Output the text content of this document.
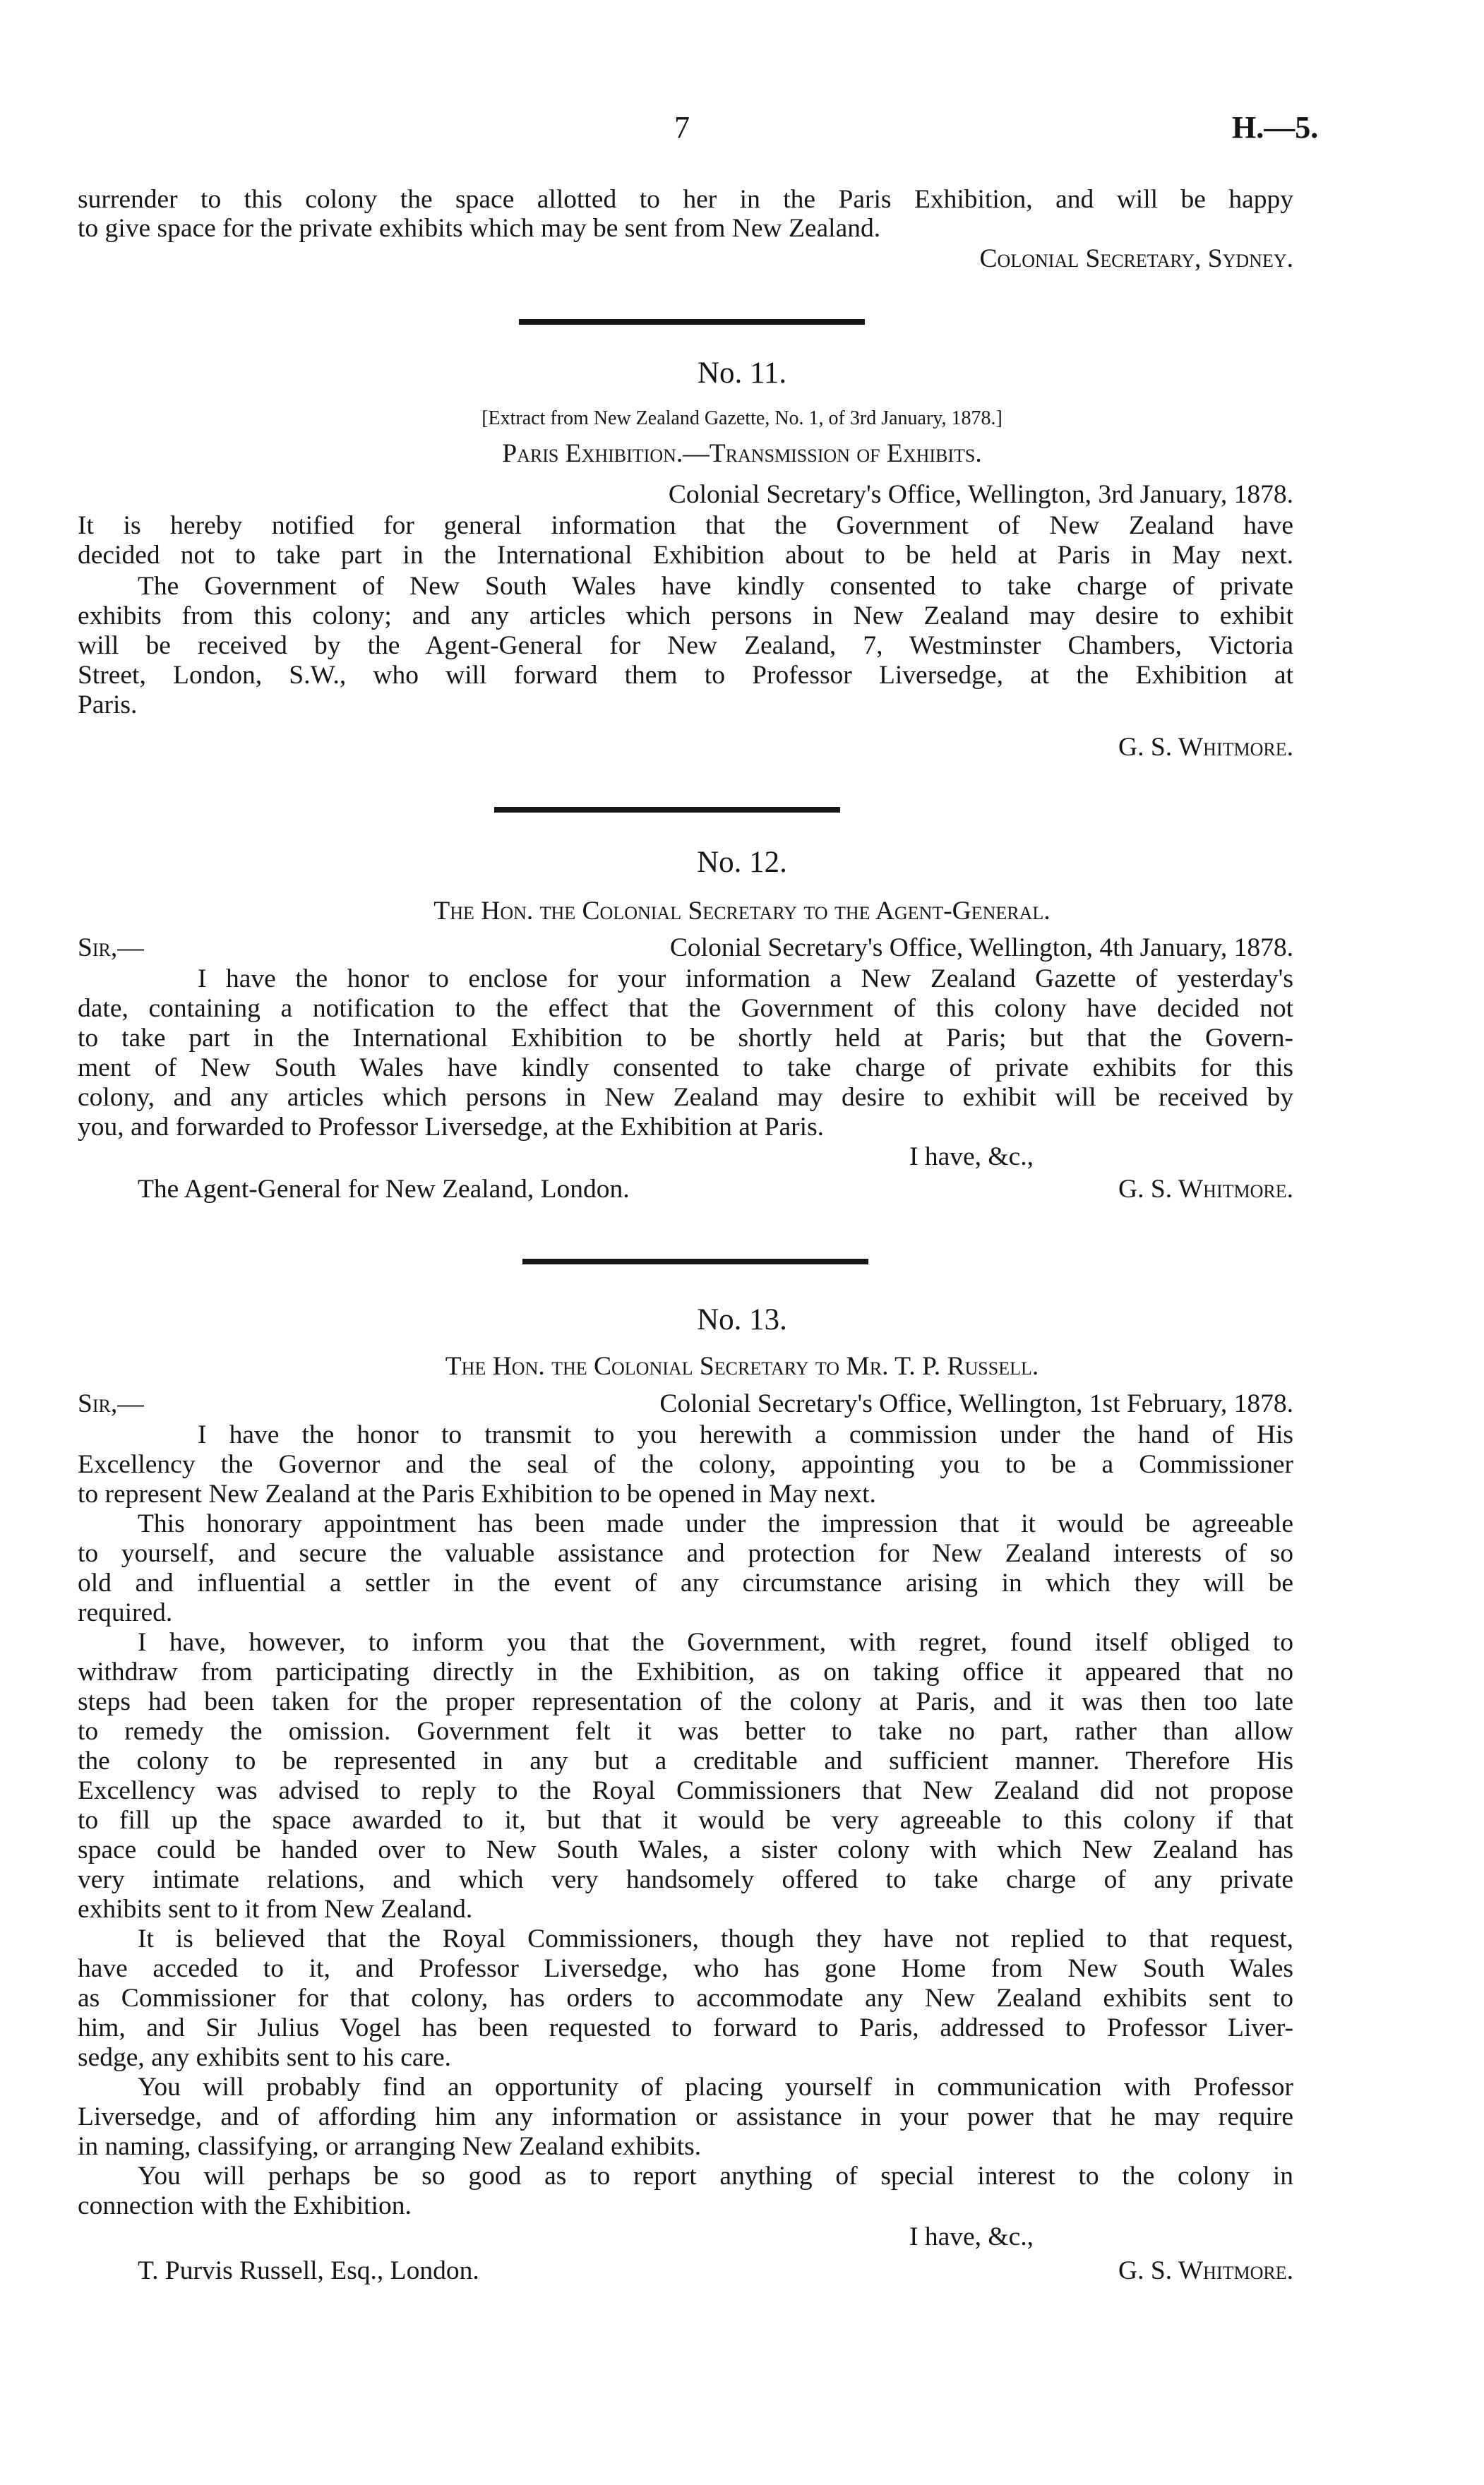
7	H.—5.
surrender to this colony the space allotted to her in the Paris Exhibition, and will be happy
to give space for the private exhibits which may be sent from New Zealand.
Colonial Secretary, Sydney.
No. 11.
[Extract from New Zealand Gazette, No. 1, of 3rd January, 1878.]
Paris Exhibition.—Transmission of Exhibits.
Colonial Secretary's Office, Wellington, 3rd January, 1878.
It is hereby notified for general information that the Government of New Zealand have
decided not to take part in the International Exhibition about to be held at Paris in May next.
The Government of New South Wales have kindly consented to take charge of private
exhibits from this colony; and any articles which persons in New Zealand may desire to exhibit
will be received by the Agent-General for New Zealand, 7, Westminster Chambers, Victoria
Street, London, S.W., who will forward them to Professor Liversedge, at the Exhibition at
Paris.
G. S. Whitmore.
No. 12.
The Hon. the Colonial Secretary to the Agent-General.
Sir,—	Colonial Secretary's Office, Wellington, 4th January, 1878.
I have the honor to enclose for your information a New Zealand Gazette of yesterday's
date, containing a notification to the effect that the Government of this colony have decided not
to take part in the International Exhibition to be shortly held at Paris; but that the Govern-
ment of New South Wales have kindly consented to take charge of private exhibits for this
colony, and any articles which persons in New Zealand may desire to exhibit will be received by
you, and forwarded to Professor Liversedge, at the Exhibition at Paris.
I have, &c.,
The Agent-General for New Zealand, London.	G. S. Whitmore.
No. 13.
The Hon. the Colonial Secretary to Mr. T. P. Russell.
Sir,—	Colonial Secretary's Office, Wellington, 1st February, 1878.
I have the honor to transmit to you herewith a commission under the hand of His
Excellency the Governor and the seal of the colony, appointing you to be a Commissioner
to represent New Zealand at the Paris Exhibition to be opened in May next.
This honorary appointment has been made under the impression that it would be agreeable
to yourself, and secure the valuable assistance and protection for New Zealand interests of so
old and influential a settler in the event of any circumstance arising in which they will be
required.
I have, however, to inform you that the Government, with regret, found itself obliged to
withdraw from participating directly in the Exhibition, as on taking office it appeared that no
steps had been taken for the proper representation of the colony at Paris, and it was then too late
to remedy the omission. Government felt it was better to take no part, rather than allow
the colony to be represented in any but a creditable and sufficient manner. Therefore His
Excellency was advised to reply to the Royal Commissioners that New Zealand did not propose
to fill up the space awarded to it, but that it would be very agreeable to this colony if that
space could be handed over to New South Wales, a sister colony with which New Zealand has
very intimate relations, and which very handsomely offered to take charge of any private
exhibits sent to it from New Zealand.
It is believed that the Royal Commissioners, though they have not replied to that request,
have acceded to it, and Professor Liversedge, who has gone Home from New South Wales
as Commissioner for that colony, has orders to accommodate any New Zealand exhibits sent to
him, and Sir Julius Vogel has been requested to forward to Paris, addressed to Professor Liver-
sedge, any exhibits sent to his care.
You will probably find an opportunity of placing yourself in communication with Professor
Liversedge, and of affording him any information or assistance in your power that he may require
in naming, classifying, or arranging New Zealand exhibits.
You will perhaps be so good as to report anything of special interest to the colony in
connection with the Exhibition.
I have, &c.,
T. Purvis Russell, Esq., London.	G. S. Whitmore.
